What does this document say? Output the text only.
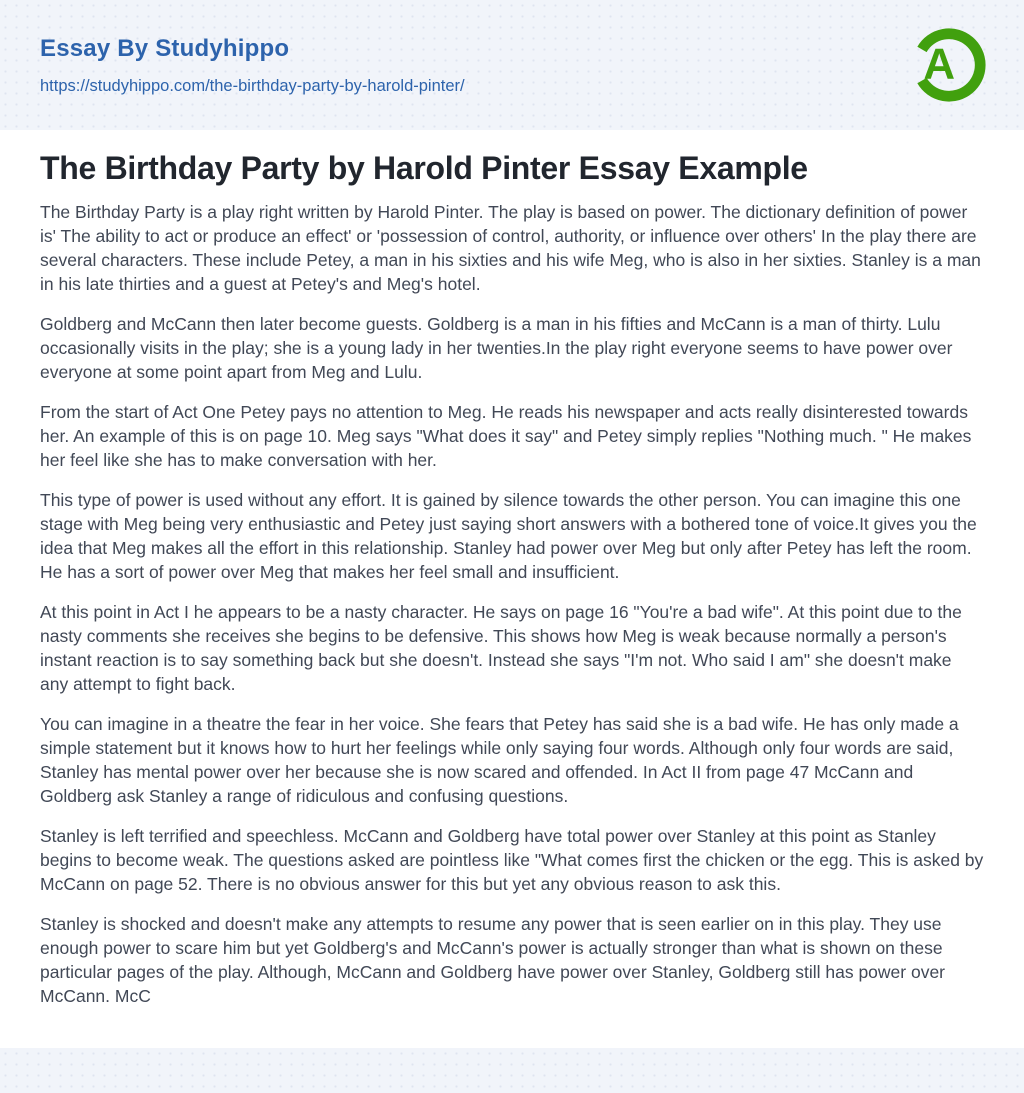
Essay By Studyhippo
https://studyhippo.com/the-birthday-party-by-harold-pinter/	A
The Birthday Party by Harold Pinter Essay Example

The Birthday Party is a play right written by Harold Pinter. The play is based on power. The dictionary definition of power is' The ability to act or produce an effect' or 'possession of control, authority, or influence over others' In the play there are several characters. These include Petey, a man in his sixties and his wife Meg, who is also in her sixties. Stanley is a man in his late thirties and a guest at Petey's and Meg's hotel.

Goldberg and McCann then later become guests. Goldberg is a man in his fifties and McCann is a man of thirty. Lulu occasionally visits in the play; she is a young lady in her twenties.In the play right everyone seems to have power over everyone at some point apart from Meg and Lulu.

From the start of Act One Petey pays no attention to Meg. He reads his newspaper and acts really disinterested towards her. An example of this is on page 10. Meg says "What does it say" and Petey simply replies "Nothing much. " He makes her feel like she has to make conversation with her.

This type of power is used without any effort. It is gained by silence towards the other person. You can imagine this one stage with Meg being very enthusiastic and Petey just saying short answers with a bothered tone of voice.It gives you the idea that Meg makes all the effort in this relationship. Stanley had power over Meg but only after Petey has left the room. He has a sort of power over Meg that makes her feel small and insufficient.

At this point in Act I he appears to be a nasty character. He says on page 16 "You're a bad wife". At this point due to the nasty comments she receives she begins to be defensive. This shows how Meg is weak because normally a person's instant reaction is to say something back but she doesn't. Instead she says "I'm not. Who said I am" she doesn't make any attempt to fight back.

You can imagine in a theatre the fear in her voice. She fears that Petey has said she is a bad wife. He has only made a simple statement but it knows how to hurt her feelings while only saying four words. Although only four words are said, Stanley has mental power over her because she is now scared and offended. In Act II from page 47 McCann and Goldberg ask Stanley a range of ridiculous and confusing questions.

Stanley is left terrified and speechless. McCann and Goldberg have total power over Stanley at this point as Stanley begins to become weak. The questions asked are pointless like "What comes first the chicken or the egg. This is asked by McCann on page 52. There is no obvious answer for this but yet any obvious reason to ask this.

Stanley is shocked and doesn't make any attempts to resume any power that is seen earlier on in this play. They use enough power to scare him but yet Goldberg's and McCann's power is actually stronger than what is shown on these particular pages of the play. Although, McCann and Goldberg have power over Stanley, Goldberg still has power over McCann. McC
